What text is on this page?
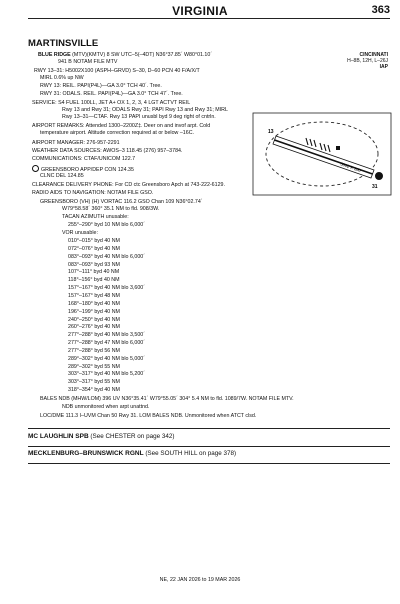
VIRGINIA	363
MARTINSVILLE
BLUE RIDGE (MTV)(KMTV) 8 SW UTC–5(–4DT) N36°37.85´ W80°01.10´
941 B NOTAM FILE MTV
CINCINNATI
H–8B, 12H, L–26J
IAP
RWY 13–31: H5002X100 (ASPH–GRVD) S–30, D–60 PCN 40 F/A/X/T
MIRL 0.6% up NW
RWY 13: REIL. PAPI(P4L)—GA 3.0° TCH 40´. Tree.
RWY 31: ODALS. REIL. PAPI(P4L)—GA 3.0° TCH 47´. Tree.
SERVICE: S4 FUEL 100LL, JET A+ OX 1, 2, 3, 4 LGT ACTVT REIL
Rwy 13 and Rwy 31; ODALS Rwy 31; PAPI Rwy 13 and Rwy 31; MIRL
Rwy 13–31—CTAF. Rwy 13 PAPI unusbl byd 9 deg right of cntrln.
AIRPORT REMARKS: Attended 1300–2200Z‡. Deer on and invof arpt. Cold
temperature airport. Altitude correction required at or below –16C.
AIRPORT MANAGER: 276-957-2291
WEATHER DATA SOURCES: AWOS–3 118.45 (276) 957–3784.
COMMUNICATIONS: CTAF/UNICOM 122.7
GREENSBORO APP/DEP CON 124.35
CLNC DEL 124.85
CLEARANCE DELIVERY PHONE: For CD ctc Greensboro Apch at 743-222-6129.
RADIO AIDS TO NAVIGATION: NOTAM FILE GSO.
GREENSBORO (VH) (H) VORTAC 116.2 GSO Chan 109 N36°02.74´
W79°58.58´ 360° 35.1 NM to fld. 908/3W.
TACAN AZIMUTH unusable:
255°–290° byd 10 NM blo 6,000´
VOR unusable:
010°–015° byd 40 NM
072°–076° byd 40 NM
083°–093° byd 40 NM blo 6,000´
083°–093° byd 93 NM
107°–111° byd 40 NM
118°–156° byd 40 NM
157°–167° byd 40 NM blo 3,600´
157°–167° byd 48 NM
168°–180° byd 40 NM
196°–199° byd 40 NM
240°–250° byd 40 NM
260°–276° byd 40 NM
277°–288° byd 40 NM blo 3,500´
277°–288° byd 47 NM blo 6,000´
277°–288° byd 56 NM
289°–302° byd 40 NM blo 5,000´
289°–302° byd 55 NM
303°–317° byd 40 NM blo 5,200´
303°–317° byd 55 NM
318°–354° byd 40 NM
BALES NDB (MHW/LOM) 396 UV N36°35.41´ W79°55.05´ 304° 5.4 NM to fld. 1089/7W. NOTAM FILE MTV.
NDB unmonitored when arpt unattnd.
LOC/DME 111.3 I–UVM Chan 50 Rwy 31. LOM BALES NDB. Unmonitored when ATCT clsd.
5002 X 100
13
31
MC LAUGHLIN SPB (See CHESTER on page 342)
MECKLENBURG–BRUNSWICK RGNL (See SOUTH HILL on page 378)
NE, 22 JAN 2026 to 19 MAR 2026
